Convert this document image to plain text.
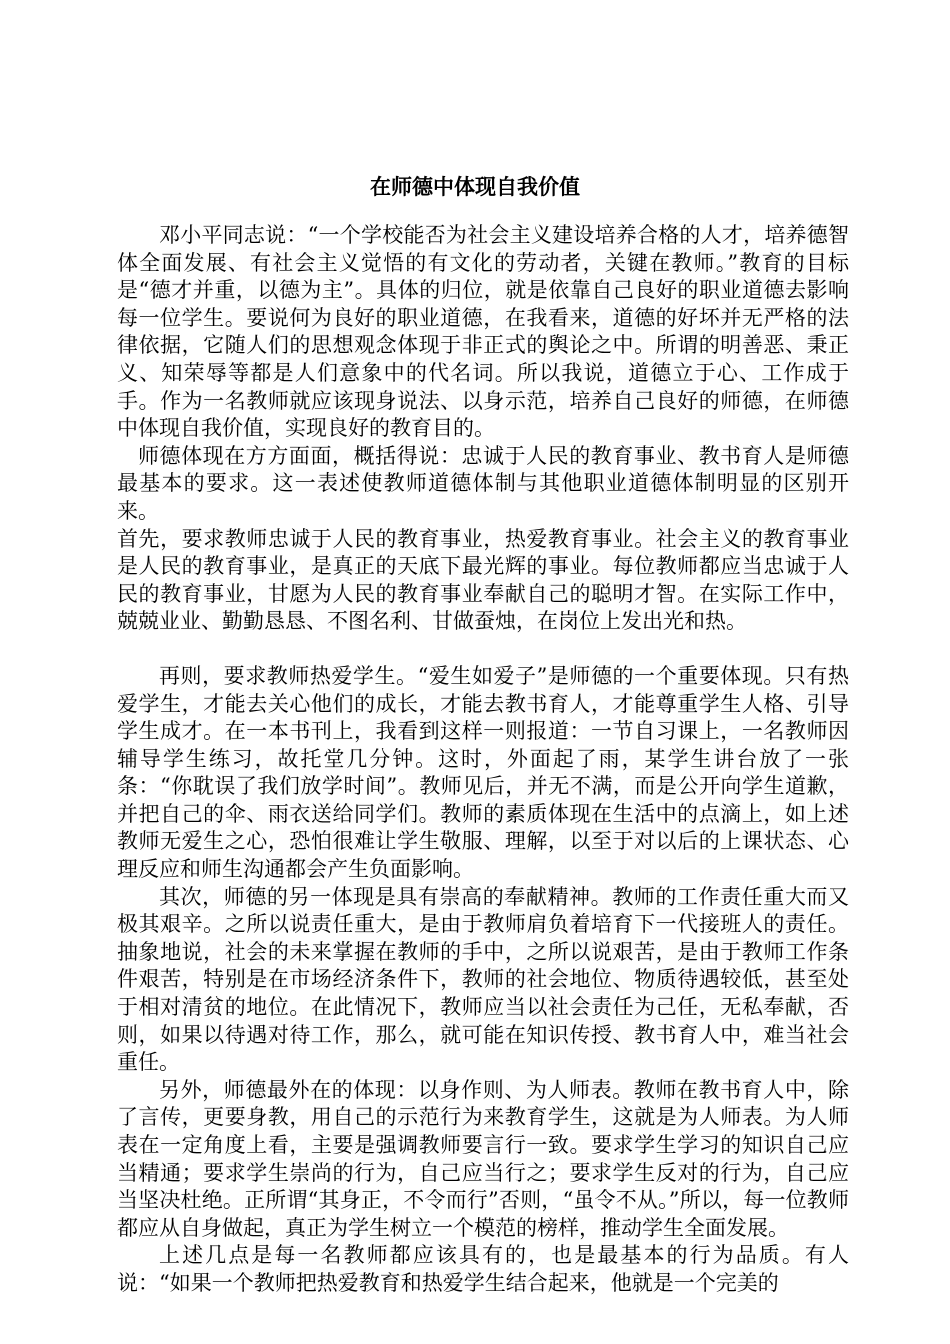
在师德中体现自我价值

邓小平同志说：“一个学校能否为社会主义建设培养合格的人才，培养德智体全面发展、有社会主义觉悟的有文化的劳动者，关键在教师。”教育的目标是“德才并重，以德为主”。具体的归位，就是依靠自己良好的职业道德去影响每一位学生。要说何为良好的职业道德，在我看来，道德的好坏并无严格的法律依据，它随人们的思想观念体现于非正式的舆论之中。所谓的明善恶、秉正义、知荣辱等都是人们意象中的代名词。所以我说，道德立于心、工作成于手。作为一名教师就应该现身说法、以身示范，培养自己良好的师德，在师德中体现自我价值，实现良好的教育目的。

师德体现在方方面面，概括得说：忠诚于人民的教育事业、教书育人是师德最基本的要求。这一表述使教师道德体制与其他职业道德体制明显的区别开来。

首先，要求教师忠诚于人民的教育事业，热爱教育事业。社会主义的教育事业是人民的教育事业，是真正的天底下最光辉的事业。每位教师都应当忠诚于人民的教育事业，甘愿为人民的教育事业奉献自己的聪明才智。在实际工作中，兢兢业业、勤勤恳恳、不图名利、甘做蚕烛，在岗位上发出光和热。

再则，要求教师热爱学生。“爱生如爱子”是师德的一个重要体现。只有热爱学生，才能去关心他们的成长，才能去教书育人，才能尊重学生人格、引导学生成才。在一本书刊上，我看到这样一则报道：一节自习课上，一名教师因辅导学生练习，故托堂几分钟。这时，外面起了雨，某学生讲台放了一张条：“你耽误了我们放学时间”。教师见后，并无不满，而是公开向学生道歉，并把自己的伞、雨衣送给同学们。教师的素质体现在生活中的点滴上，如上述教师无爱生之心，恐怕很难让学生敬服、理解，以至于对以后的上课状态、心理反应和师生沟通都会产生负面影响。

其次，师德的另一体现是具有崇高的奉献精神。教师的工作责任重大而又极其艰辛。之所以说责任重大，是由于教师肩负着培育下一代接班人的责任。抽象地说，社会的未来掌握在教师的手中，之所以说艰苦，是由于教师工作条件艰苦，特别是在市场经济条件下，教师的社会地位、物质待遇较低，甚至处于相对清贫的地位。在此情况下，教师应当以社会责任为己任，无私奉献，否则，如果以待遇对待工作，那么，就可能在知识传授、教书育人中，难当社会重任。

另外，师德最外在的体现：以身作则、为人师表。教师在教书育人中，除了言传，更要身教，用自己的示范行为来教育学生，这就是为人师表。为人师表在一定角度上看，主要是强调教师要言行一致。要求学生学习的知识自己应当精通；要求学生崇尚的行为，自己应当行之；要求学生反对的行为，自己应当坚决杜绝。正所谓“其身正，不令而行”否则，“虽令不从。”所以，每一位教师都应从自身做起，真正为学生树立一个模范的榜样，推动学生全面发展。

上述几点是每一名教师都应该具有的，也是最基本的行为品质。有人说：“如果一个教师把热爱教育和热爱学生结合起来，他就是一个完美的
